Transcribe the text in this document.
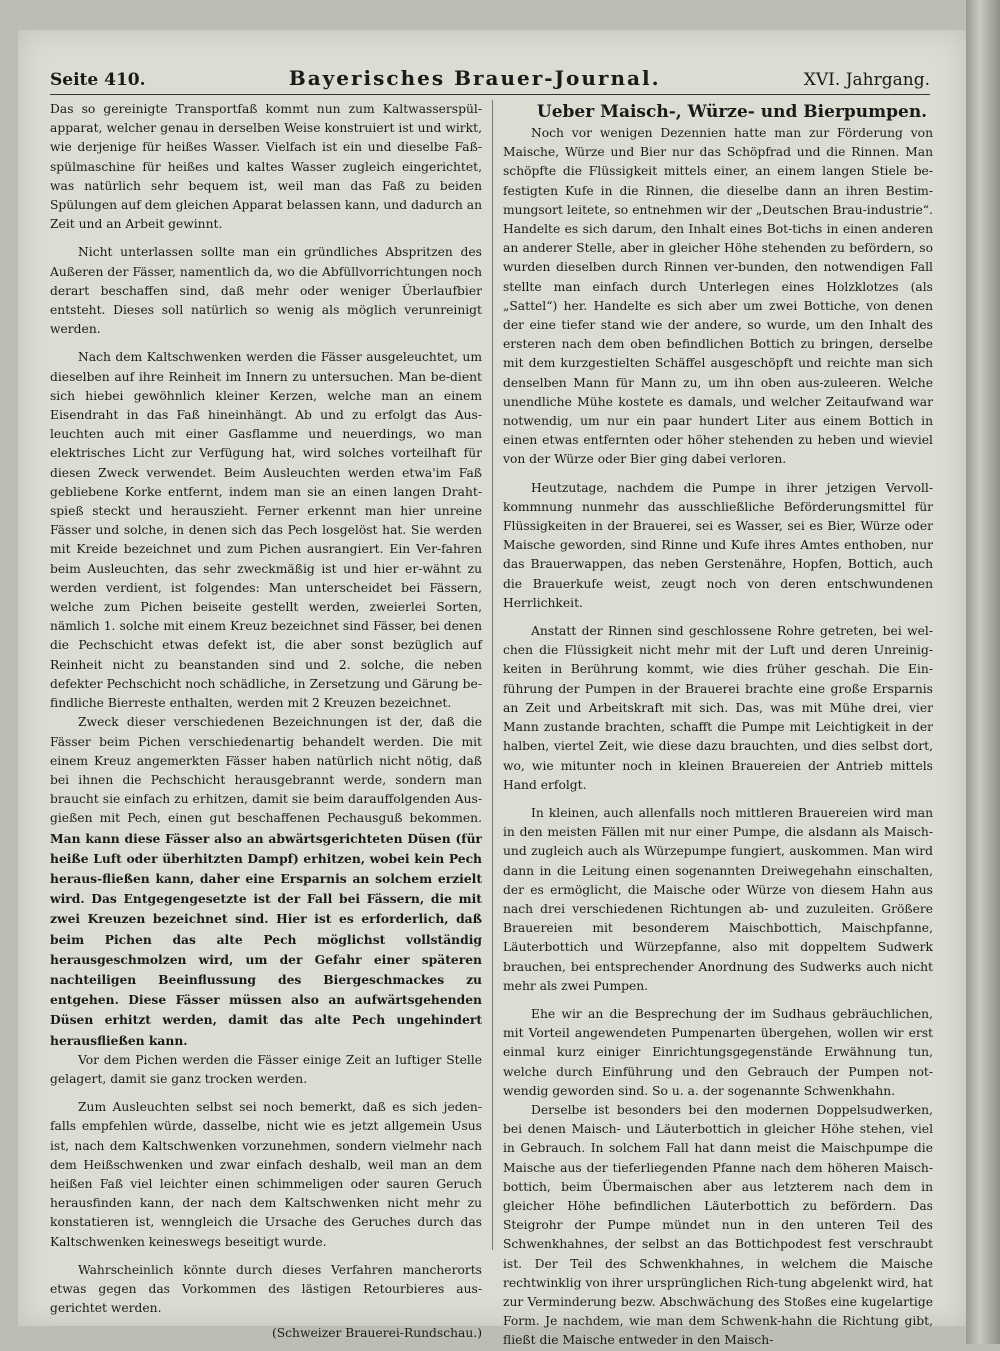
Seite 410.	Bayerisches Brauer-Journal.	XVI. Jahrgang.

Das so gereinigte Transportfaß kommt nun zum Kaltwasserspül-apparat, welcher genau in derselben Weise konstruiert ist und wirkt, wie derjenige für heißes Wasser. Vielfach ist ein und dieselbe Faß-spülmaschine für heißes und kaltes Wasser zugleich eingerichtet, was natürlich sehr bequem ist, weil man das Faß zu beiden Spülungen auf dem gleichen Apparat belassen kann, und dadurch an Zeit und an Arbeit gewinnt.

Nicht unterlassen sollte man ein gründliches Abspritzen des Außeren der Fässer, namentlich da, wo die Abfüllvorrichtungen noch derart beschaffen sind, daß mehr oder weniger Überlaufbier entsteht. Dieses soll natürlich so wenig als möglich verunreinigt werden.

Nach dem Kaltschwenken werden die Fässer ausgeleuchtet, um dieselben auf ihre Reinheit im Innern zu untersuchen. Man be-dient sich hiebei gewöhnlich kleiner Kerzen, welche man an einem Eisendraht in das Faß hineinhängt. Ab und zu erfolgt das Aus-leuchten auch mit einer Gasflamme und neuerdings, wo man elektrisches Licht zur Verfügung hat, wird solches vorteilhaft für diesen Zweck verwendet. Beim Ausleuchten werden etwa'im Faß gebliebene Korke entfernt, indem man sie an einen langen Draht-spieß steckt und herauszieht. Ferner erkennt man hier unreine Fässer und solche, in denen sich das Pech losgelöst hat. Sie werden mit Kreide bezeichnet und zum Pichen ausrangiert. Ein Ver-fahren beim Ausleuchten, das sehr zweckmäßig ist und hier er-wähnt zu werden verdient, ist folgendes: Man unterscheidet bei Fässern, welche zum Pichen beiseite gestellt werden, zweierlei Sorten, nämlich 1. solche mit einem Kreuz bezeichnet sind Fässer, bei denen die Pechschicht etwas defekt ist, die aber sonst bezüglich auf Reinheit nicht zu beanstanden sind und 2. solche, die neben defekter Pechschicht noch schädliche, in Zersetzung und Gärung be-findliche Bierreste enthalten, werden mit 2 Kreuzen bezeichnet.

Zweck dieser verschiedenen Bezeichnungen ist der, daß die Fässer beim Pichen verschiedenartig behandelt werden. Die mit einem Kreuz angemerkten Fässer haben natürlich nicht nötig, daß bei ihnen die Pechschicht herausgebrannt werde, sondern man braucht sie einfach zu erhitzen, damit sie beim darauffolgenden Aus-gießen mit Pech, einen gut beschaffenen Pechausguß bekommen. Man kann diese Fässer also an abwärtsgerichteten Düsen (für heiße Luft oder überhitzten Dampf) erhitzen, wobei kein Pech heraus-fließen kann, daher eine Ersparnis an solchem erzielt wird. Das Entgegengesetzte ist der Fall bei Fässern, die mit zwei Kreuzen bezeichnet sind. Hier ist es erforderlich, daß beim Pichen das alte Pech möglichst vollständig herausgeschmolzen wird, um der Gefahr einer späteren nachteiligen Beeinflussung des Biergeschmackes zu entgehen. Diese Fässer müssen also an aufwärtsgehenden Düsen erhitzt werden, damit das alte Pech ungehindert herausfließen kann.

Vor dem Pichen werden die Fässer einige Zeit an luftiger Stelle gelagert, damit sie ganz trocken werden.

Zum Ausleuchten selbst sei noch bemerkt, daß es sich jeden-falls empfehlen würde, dasselbe, nicht wie es jetzt allgemein Usus ist, nach dem Kaltschwenken vorzunehmen, sondern vielmehr nach dem Heißschwenken und zwar einfach deshalb, weil man an dem heißen Faß viel leichter einen schimmeligen oder sauren Geruch herausfinden kann, der nach dem Kaltschwenken nicht mehr zu konstatieren ist, wenngleich die Ursache des Geruches durch das Kaltschwenken keineswegs beseitigt wurde.

Wahrscheinlich könnte durch dieses Verfahren mancherorts etwas gegen das Vorkommen des lästigen Retourbieres aus-gerichtet werden.

(Schweizer Brauerei-Rundschau.)

Ueber Maisch-, Würze- und Bierpumpen.

Noch vor wenigen Dezennien hatte man zur Förderung von Maische, Würze und Bier nur das Schöpfrad und die Rinnen. Man schöpfte die Flüssigkeit mittels einer, an einem langen Stiele be-festigten Kufe in die Rinnen, die dieselbe dann an ihren Bestim-mungsort leitete, so entnehmen wir der „Deutschen Brau-industrie“. Handelte es sich darum, den Inhalt eines Bot-tichs in einen anderen an anderer Stelle, aber in gleicher Höhe stehenden zu befördern, so wurden dieselben durch Rinnen ver-bunden, den notwendigen Fall stellte man einfach durch Unterlegen eines Holzklotzes (als „Sattel“) her. Handelte es sich aber um zwei Bottiche, von denen der eine tiefer stand wie der andere, so wurde, um den Inhalt des ersteren nach dem oben befindlichen Bottich zu bringen, derselbe mit dem kurzgestielten Schäffel ausgeschöpft und reichte man sich denselben Mann für Mann zu, um ihn oben aus-zuleeren. Welche unendliche Mühe kostete es damals, und welcher Zeitaufwand war notwendig, um nur ein paar hundert Liter aus einem Bottich in einen etwas entfernten oder höher stehenden zu heben und wieviel von der Würze oder Bier ging dabei verloren.

Heutzutage, nachdem die Pumpe in ihrer jetzigen Vervoll-kommnung nunmehr das ausschließliche Beförderungsmittel für Flüssigkeiten in der Brauerei, sei es Wasser, sei es Bier, Würze oder Maische geworden, sind Rinne und Kufe ihres Amtes enthoben, nur das Brauerwappen, das neben Gerstenähre, Hopfen, Bottich, auch die Brauerkufe weist, zeugt noch von deren entschwundenen Herrlichkeit.

Anstatt der Rinnen sind geschlossene Rohre getreten, bei wel-chen die Flüssigkeit nicht mehr mit der Luft und deren Unreinig-keiten in Berührung kommt, wie dies früher geschah. Die Ein-führung der Pumpen in der Brauerei brachte eine große Ersparnis an Zeit und Arbeitskraft mit sich. Das, was mit Mühe drei, vier Mann zustande brachten, schafft die Pumpe mit Leichtigkeit in der halben, viertel Zeit, wie diese dazu brauchten, und dies selbst dort, wo, wie mitunter noch in kleinen Brauereien der Antrieb mittels Hand erfolgt.

In kleinen, auch allenfalls noch mittleren Brauereien wird man in den meisten Fällen mit nur einer Pumpe, die alsdann als Maisch- und zugleich auch als Würzepumpe fungiert, auskommen. Man wird dann in die Leitung einen sogenannten Dreiwegehahn einschalten, der es ermöglicht, die Maische oder Würze von diesem Hahn aus nach drei verschiedenen Richtungen ab- und zuzuleiten. Größere Brauereien mit besonderem Maischbottich, Maischpfanne, Läuterbottich und Würzepfanne, also mit doppeltem Sudwerk brauchen, bei entsprechender Anordnung des Sudwerks auch nicht mehr als zwei Pumpen.

Ehe wir an die Besprechung der im Sudhaus gebräuchlichen, mit Vorteil angewendeten Pumpenarten übergehen, wollen wir erst einmal kurz einiger Einrichtungsgegenstände Erwähnung tun, welche durch Einführung und den Gebrauch der Pumpen not-wendig geworden sind. So u. a. der sogenannte Schwenkhahn.

Derselbe ist besonders bei den modernen Doppelsudwerken, bei denen Maisch- und Läuterbottich in gleicher Höhe stehen, viel in Gebrauch. In solchem Fall hat dann meist die Maischpumpe die Maische aus der tieferliegenden Pfanne nach dem höheren Maisch-bottich, beim Übermaischen aber aus letzterem nach dem in gleicher Höhe befindlichen Läuterbottich zu befördern. Das Steigrohr der Pumpe mündet nun in den unteren Teil des Schwenkhahnes, der selbst an das Bottichpodest fest verschraubt ist. Der Teil des Schwenkhahnes, in welchem die Maische rechtwinklig von ihrer ursprünglichen Rich-tung abgelenkt wird, hat zur Verminderung bezw. Abschwächung des Stoßes eine kugelartige Form. Je nachdem, wie man dem Schwenk-hahn die Richtung gibt, fließt die Maische entweder in den Maisch-
